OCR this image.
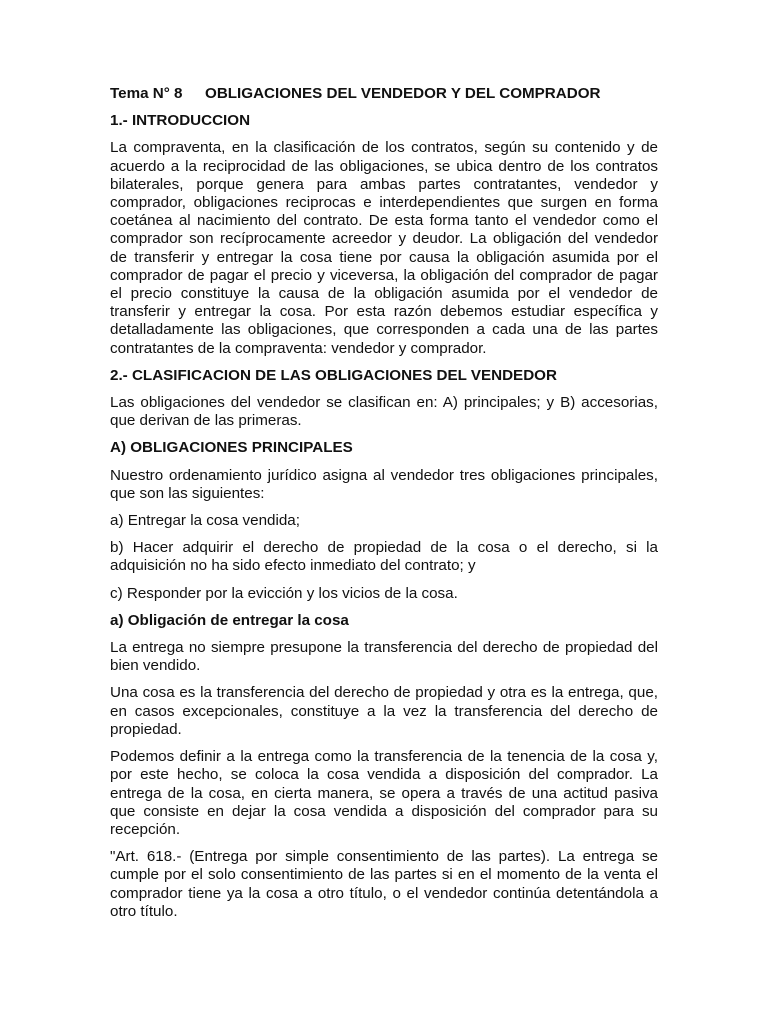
Tema N° 8 OBLIGACIONES DEL VENDEDOR Y DEL COMPRADOR
1.- INTRODUCCION

La compraventa, en la clasificación de los contratos, según su contenido y de acuerdo a la reciprocidad de las obligaciones, se ubica dentro de los contratos bilaterales, porque genera para ambas partes contratantes, vendedor y comprador, obligaciones reciprocas e interdependientes que surgen en forma coetánea al nacimiento del contrato. De esta forma tanto el vendedor como el comprador son recíprocamente acreedor y deudor. La obligación del vendedor de transferir y entregar la cosa tiene por causa la obligación asumida por el comprador de pagar el precio y viceversa, la obligación del comprador de pagar el precio constituye la causa de la obligación asumida por el vendedor de transferir y entregar la cosa. Por esta razón debemos estudiar específica y detalladamente las obligaciones, que corresponden a cada una de las partes contratantes de la compraventa: vendedor y comprador.

2.- CLASIFICACION DE LAS OBLIGACIONES DEL VENDEDOR

Las obligaciones del vendedor se clasifican en: A) principales; y B) accesorias, que derivan de las primeras.

A) OBLIGACIONES PRINCIPALES

Nuestro ordenamiento jurídico asigna al vendedor tres obligaciones principales, que son las siguientes:

a) Entregar la cosa vendida;

b) Hacer adquirir el derecho de propiedad de la cosa o el derecho, si la adquisición no ha sido efecto inmediato del contrato; y

c) Responder por la evicción y los vicios de la cosa.

a) Obligación de entregar la cosa

La entrega no siempre presupone la transferencia del derecho de propiedad del bien vendido.

Una cosa es la transferencia del derecho de propiedad y otra es la entrega, que, en casos excepcionales, constituye a la vez la transferencia del derecho de propiedad.

Podemos definir a la entrega como la transferencia de la tenencia de la cosa y, por este hecho, se coloca la cosa vendida a disposición del comprador. La entrega de la cosa, en cierta manera, se opera a través de una actitud pasiva que consiste en dejar la cosa vendida a disposición del comprador para su recepción.

"Art. 618.- (Entrega por simple consentimiento de las partes). La entrega se cumple por el solo consentimiento de las partes si en el momento de la venta el comprador tiene ya la cosa a otro título, o el vendedor continúa detentándola a otro título.
